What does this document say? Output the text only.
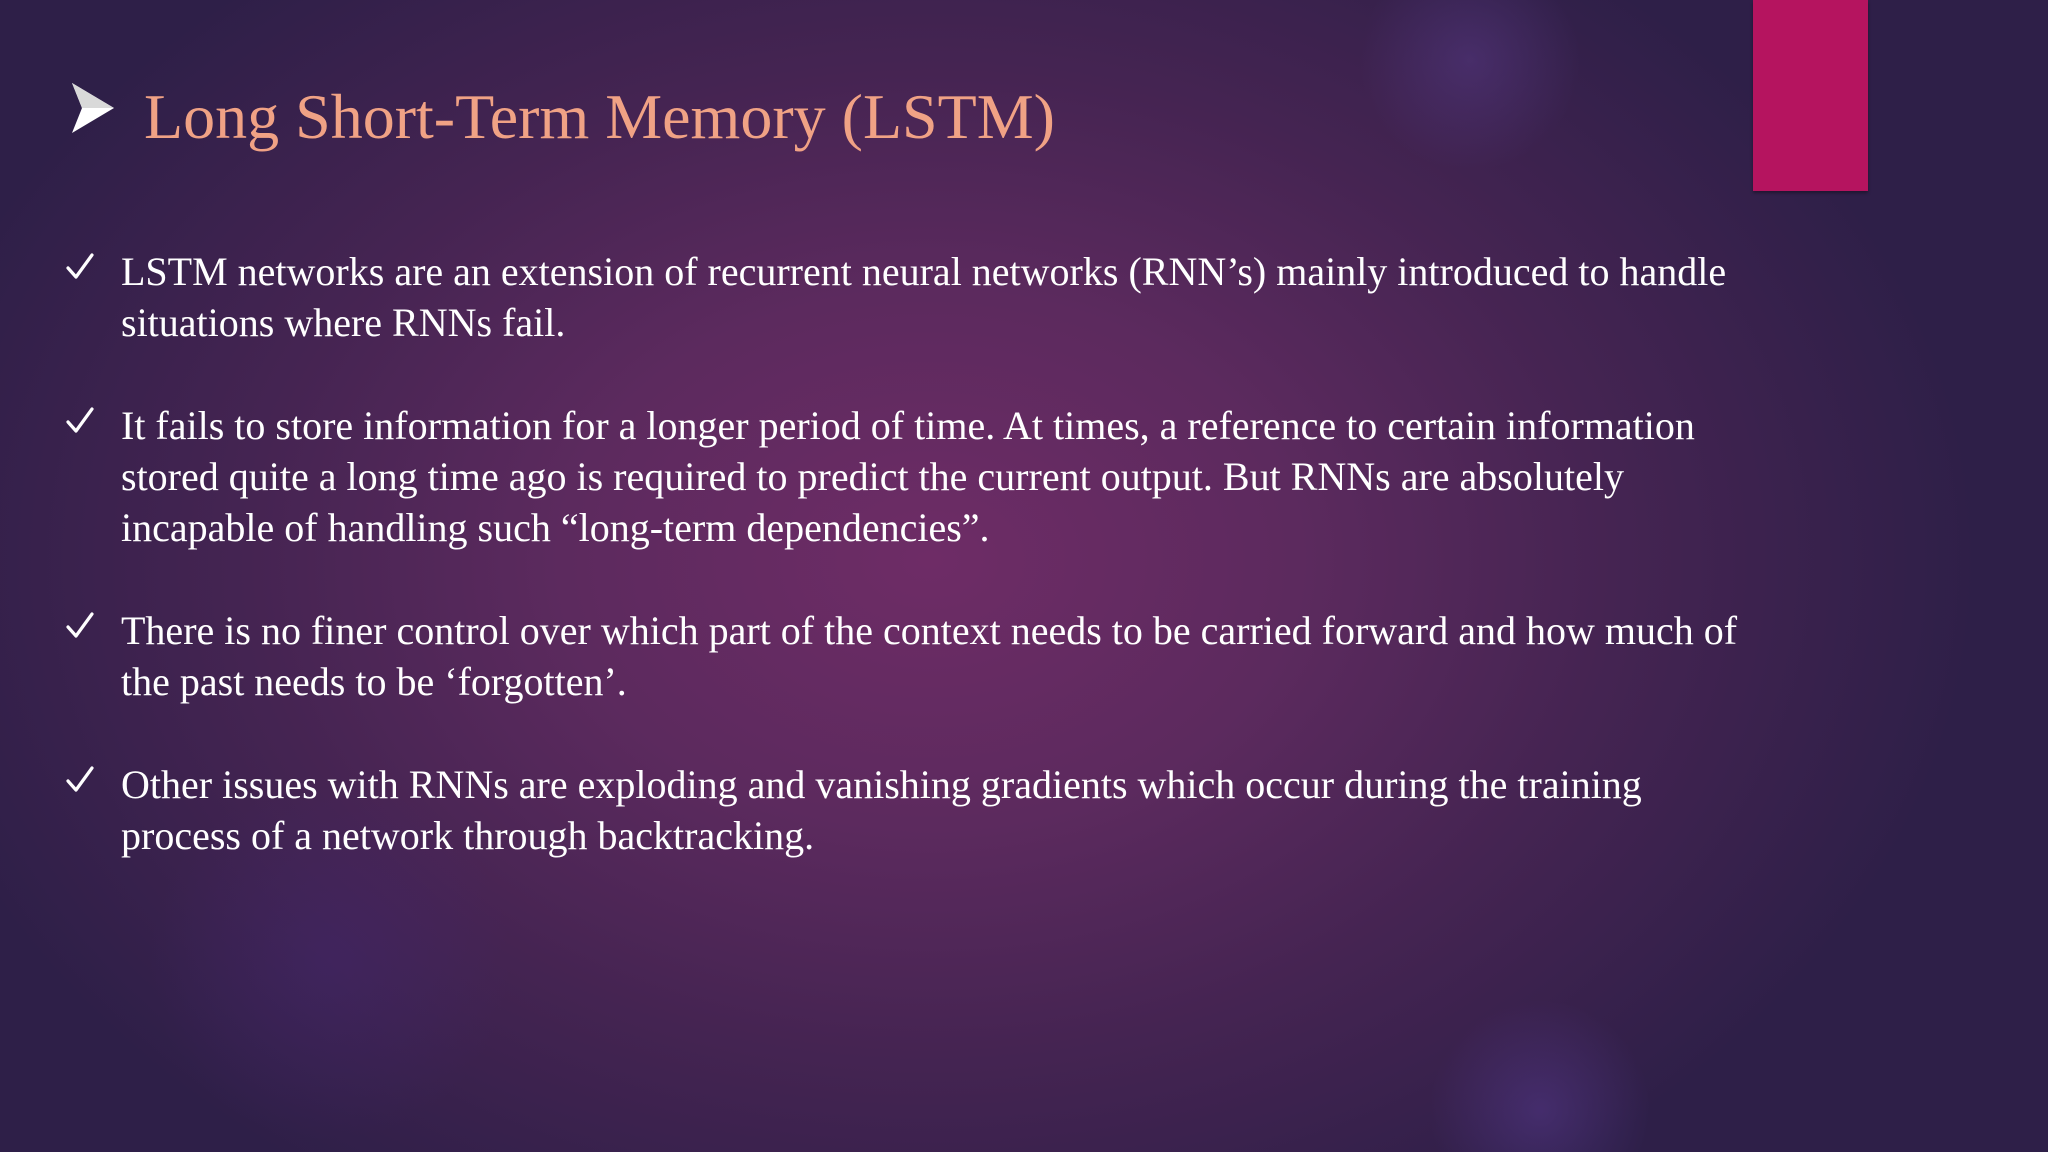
Long Short-Term Memory (LSTM)
LSTM networks are an extension of recurrent neural networks (RNN’s) mainly introduced to handle situations where RNNs fail.
It fails to store information for a longer period of time. At times, a reference to certain information stored quite a long time ago is required to predict the current output. But RNNs are absolutely incapable of handling such “long-term dependencies”.
There is no finer control over which part of the context needs to be carried forward and how much of the past needs to be ‘forgotten’.
Other issues with RNNs are exploding and vanishing gradients which occur during the training process of a network through backtracking.
